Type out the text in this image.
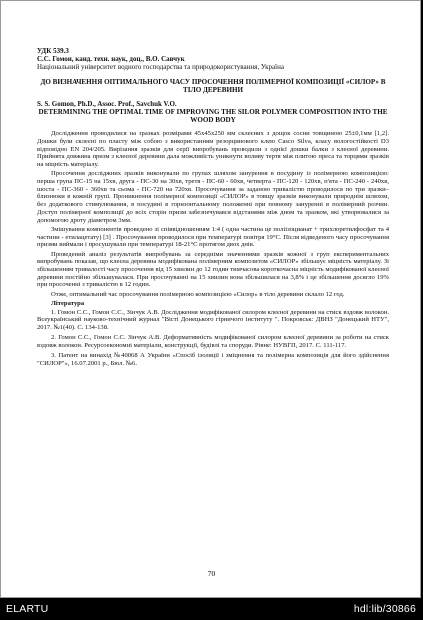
УДК 539.3
С.С. Гомон, канд. техн. наук, доц., В.О. Савчук
Національний університет водного господарства та природокористування, Україна
ДО ВИЗНАЧЕННЯ ОПТИМАЛЬНОГО ЧАСУ ПРОСОЧЕННЯ ПОЛІМЕРНОЇ КОМПОЗИЦІЇ «СИЛОР» В ТІЛО ДЕРЕВИНИ
S. S. Gomon, Ph.D., Assoc. Prof., Savchuk V.O.
DETERMINING THE OPTIMAL TIME OF IMPROVING THE SILOR POLYMER COMPOSITION INTO THE WOOD BODY

Дослідження проводилися на зразках розмірами 45х45х250 мм склеєних з дощок сосни товщиною 25±0,1мм [1,2]. Дошки були склеєні по пласту між собою з використанням резорцинового клею Casco Silva, класу вологостійкості D3 відповідно EN 204/205. Вирізання зразків для серії випробувань проводили з однієї дошки балки з клеєної деревини. Прийнята довжина призм з клеєної деревини дала можливість уникнути впливу тертя між плитою преса та торцями зразків на міцність матеріалу.

Просочення досліджних зразків виконували по групах шляхом занурення в посудину із полімерною композицією: перша група ПС-15 на 15хв, друга - ПС-30 на 30хв, третя - ПС-60 - 60хв, четверта - ПС-120 - 120хв, п'ята - ПС-240 - 240хв, шоста - ПС-360 - 360хв та сьома - ПС-720 на 720хв. Просочування за заданою тривалістю проводилося по три зразки–близнюки в кожній групі. Проникнення полімерної композиції «СИЛОР» в товщу зразків виконували природнім шляхом, без додаткового стимулювання, в посудині в горизонтальному положенні при повному зануренні в полімерний розчин. Доступ полімерної композиції до всіх сторін призм забезпечувався відстанями між дном та зразком, які утворювалися за допомогою дроту діаметром 3мм.

Змішування компонентів проведено зі співвідношенням 1:4 ( одна частина це поліізоцианат + трихлоретилфосфат та 4 частини - етилацетату) [3] . Просочування проводилося при температурі повітря 19°С. Після відведеного часу просочування призми виймали і просушували при температурі 18-21°С протягом двох днів.

Проведений аналіз результатів випробувань за середніми значеннями зразків кожної з груп експериментальних випробувань показав, що клеєна деревина модифікована полімерним композитом «СИЛОР» збільшує міцність матеріалу. Зі збільшенням тривалості часу просочення від 15 хвилин до 12 годин тимчасова короткочасна міцність модифікованої клеєної деревини постійно збільшувалася. При просочуванні на 15 хвилин вона збільшилася на 3,8% і це збільшення досягло 19% при просоченні з тривалістю в 12 годин.

Отже, оптимальний час просочування полімерною композицією «Силор» в тіло деревини склало 12 год.

Література
1. Гомон С.С., Гомон С.С., Зінчук А.В. Дослідження модифікованої силором клеєної деревини на стиск вздовж волокон. Всеукраїнський науково-технічний журнал "Вісті Донецького гірничого інституту ". Покровськ: ДВНЗ "Донецький НТУ", 2017. №1(40). С. 134-138.
2. Гомон С.С., Гомон С.С. Зінчук А.В. Деформативність модифікованої силором клеєної деревини за роботи на стиск вздовж волокон. Ресурсоекономні матеріали, конструкції, будівлі та споруди. Рівне: НУВГП, 2017. С. 111-117.
3. Патент на винахід №40068 А України «Спосіб ізоляції і зміцнення та полімерна композиція для його здійснення "СИЛОР"», 16.07.2001 р., Бюл. №6.
70
ELARTU	hdl:lib/30866
